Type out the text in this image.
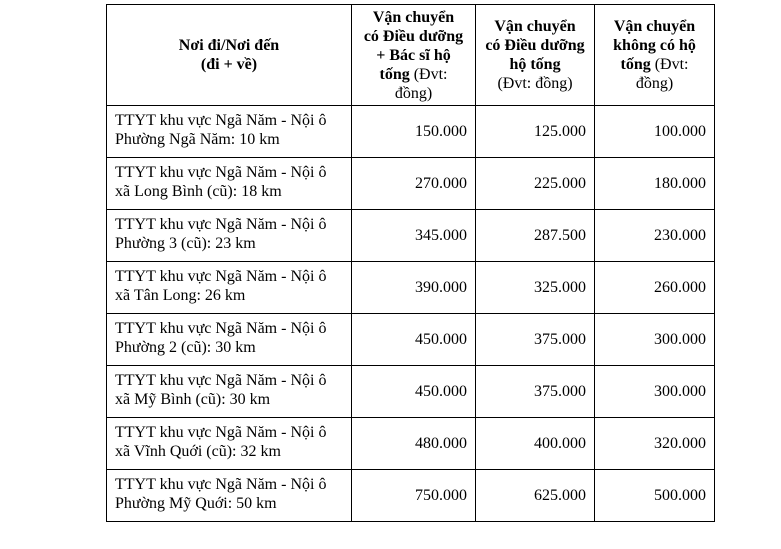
Nơi đi/Nơi đến
(đi + về)	Vận chuyển
có Điều dưỡng
+ Bác sĩ hộ
tống (Đvt:
đồng)	Vận chuyển
có Điều dưỡng
hộ tống
(Đvt: đồng)	Vận chuyển
không có hộ
tống (Đvt:
đồng)

TTYT khu vực Ngã Năm - Nội ô
Phường Ngã Năm: 10 km	150.000	125.000	100.000

TTYT khu vực Ngã Năm - Nội ô
xã Long Bình (cũ): 18 km	270.000	225.000	180.000

TTYT khu vực Ngã Năm - Nội ô
Phường 3 (cũ): 23 km	345.000	287.500	230.000

TTYT khu vực Ngã Năm - Nội ô
xã Tân Long: 26 km	390.000	325.000	260.000

TTYT khu vực Ngã Năm - Nội ô
Phường 2 (cũ): 30 km	450.000	375.000	300.000

TTYT khu vực Ngã Năm - Nội ô
xã Mỹ Bình (cũ): 30 km	450.000	375.000	300.000

TTYT khu vực Ngã Năm - Nội ô
xã Vĩnh Quới (cũ): 32 km	480.000	400.000	320.000

TTYT khu vực Ngã Năm - Nội ô
Phường Mỹ Quới: 50 km	750.000	625.000	500.000
